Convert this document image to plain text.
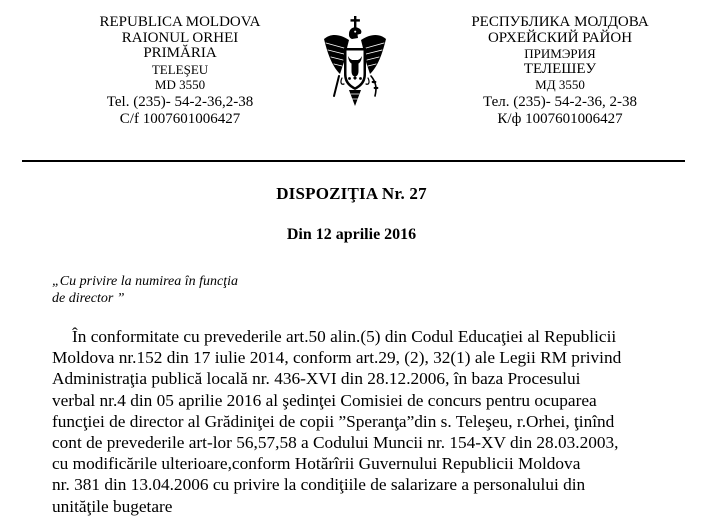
REPUBLICA MOLDOVA
RAIONUL ORHEI
PRIMĂRIA
TELEŞEU
MD 3550
Tel. (235)- 54-2-36,2-38
C/f 1007601006427
РЕСПУБЛИКА МОЛДОВА
ОРХЕЙСКИЙ РАЙОН
ПРИМЭРИЯ
ТЕЛЕШЕУ
МД 3550
Тел. (235)- 54-2-36, 2-38
К/ф 1007601006427
DISPOZIŢIA Nr. 27
Din 12 aprilie 2016
„Cu privire la numirea în funcţia
de director ”
În conformitate cu prevederile art.50 alin.(5) din Codul Educaţiei al Republicii
Moldova nr.152 din 17 iulie 2014, conform art.29, (2), 32(1) ale Legii RM privind
Administraţia publică locală nr. 436-XVI din 28.12.2006, în baza Procesului
verbal nr.4 din 05 aprilie 2016 al şedinţei Comisiei de concurs pentru ocuparea
funcţiei de director al Grădiniţei de copii ”Speranţa”din s. Teleşeu, r.Orhei, ţinînd
cont de prevederile art-lor 56,57,58 a Codului Muncii nr. 154-XV din 28.03.2003,
cu modificările ulterioare,conform Hotărîrii Guvernului Republicii Moldova
nr. 381 din 13.04.2006 cu privire la condiţiile de salarizare a personalului din
unităţile bugetare
